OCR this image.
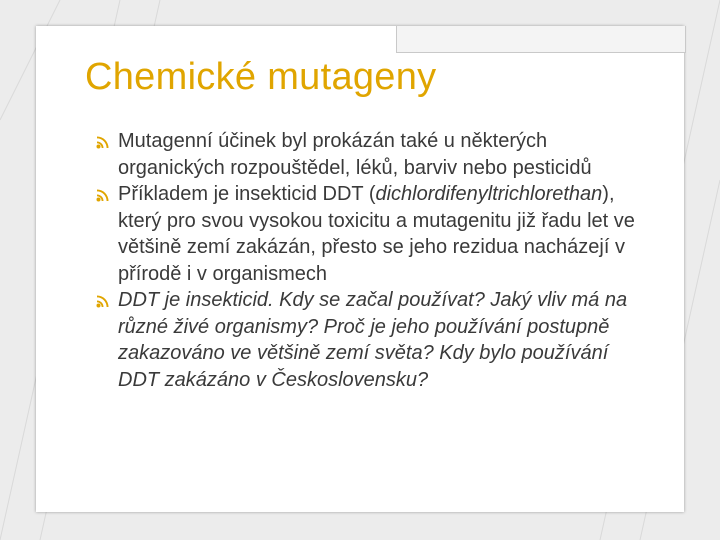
Chemické mutageny
Mutagenní účinek byl prokázán také u některých organických rozpouštědel, léků, barviv nebo pesticidů
Příkladem je insekticid DDT (dichlordifenyltrichlorethan), který pro svou vysokou toxicitu a mutagenitu již řadu let ve většině zemí zakázán, přesto se jeho rezidua nacházejí v přírodě i v organismech
DDT je insekticid. Kdy se začal používat? Jaký vliv má na různé živé organismy? Proč je jeho používání postupně zakazováno ve většině zemí světa? Kdy bylo používání DDT zakázáno v Československu?
